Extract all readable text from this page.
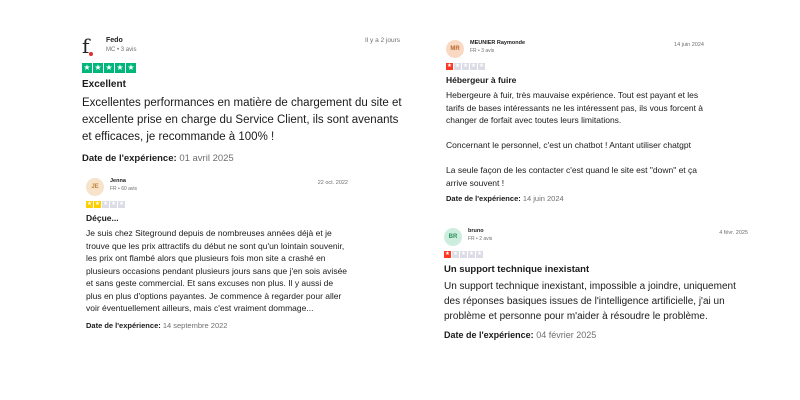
f	Fedo
MC • 3 avis
Il y a 2 jours
★ ★ ★ ★ ★
Excellent

Excellentes performances en matière de chargement du site et excellente prise en charge du Service Client, ils sont avenants et efficaces, je recommande à 100% !

Date de l'expérience: 01 avril 2025
JE
Jenna
FR • 60 avis
22 oct. 2022
★ ★ ★ ★ ★
Déçue...

Je suis chez Siteground depuis de nombreuses années déjà et je trouve que les prix attractifs du début ne sont qu'un lointain souvenir, les prix ont flambé alors que plusieurs fois mon site a crashé en plusieurs occasions pendant plusieurs jours sans que j'en sois avisée et sans geste commercial. Et sans excuses non plus. Il y aussi de plus en plus d'options payantes. Je commence à regarder pour aller voir éventuellement ailleurs, mais c'est vraiment dommage...

Date de l'expérience: 14 septembre 2022
MR
MEUNIER Raymonde
FR • 3 avis
14 juin 2024
★ ★ ★ ★ ★
Hébergeur à fuire

Hebergeure à fuir, très mauvaise expérience. Tout est payant et les tarifs de bases intéressants ne les intéressent pas, ils vous forcent à changer de forfait avec toutes leurs limitations.

Concernant le personnel, c'est un chatbot ! Antant utiliser chatgpt

La seule façon de les contacter c'est quand le site est "down" et ça arrive souvent !

Date de l'expérience: 14 juin 2024
BR
bruno
FR • 2 avis
4 févr. 2025
★ ★ ★ ★ ★
Un support technique inexistant

Un support technique inexistant, impossible a joindre, uniquement des réponses basiques issues de l'intelligence artificielle, j'ai un problème et personne pour m'aider à résoudre le problème.

Date de l'expérience: 04 février 2025
